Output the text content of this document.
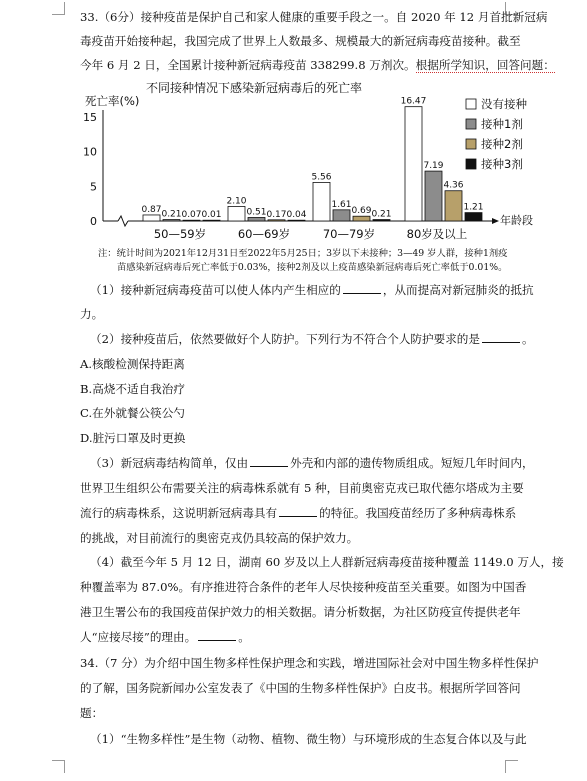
33.（6分）接种疫苗是保护自己和家人健康的重要手段之一。自 2020 年 12 月首批新冠病
毒疫苗开始接种起，我国完成了世界上人数最多、规模最大的新冠病毒疫苗接种。截至
今年 6 月 2 日，全国累计接种新冠病毒疫苗 338299.8 万剂次。根据所学知识，回答问题：
不同接种情况下感染新冠病毒后的死亡率
死亡率(%)
0
5
10
15
年龄段
0.87
2.10
5.56
16.47
0.21	0.51
1.61
7.19
0.07	0.17	0.69
4.36
0.01	0.04	0.21
1.21
50—59岁	60—69岁	70—79岁	80岁及以上
没有接种
接种1剂
接种2剂
接种3剂
注：统计时间为2021年12月31日至2022年5月25日；3岁以下未接种；3—49 岁人群，接种1剂疫
苗感染新冠病毒后死亡率低于0.03%，接种2剂及以上疫苗感染新冠病毒后死亡率低于0.01%。
（1）接种新冠病毒疫苗可以使人体内产生相应的	，从而提高对新冠肺炎的抵抗
力。
（2）接种疫苗后，依然要做好个人防护。下列行为不符合个人防护要求的是	。
A.核酸检测保持距离
B.高烧不适自我治疗
C.在外就餐公筷公勺
D.脏污口罩及时更换
（3）新冠病毒结构简单，仅由	外壳和内部的遗传物质组成。短短几年时间内，
世界卫生组织公布需要关注的病毒株系就有 5 种，目前奥密克戎已取代德尔塔成为主要
流行的病毒株系，这说明新冠病毒具有	的特征。我国疫苗经历了多种病毒株系
的挑战，对目前流行的奥密克戎仍具较高的保护效力。
（4）截至今年 5 月 12 日，湖南 60 岁及以上人群新冠病毒疫苗接种覆盖 1149.0 万人，接
种覆盖率为 87.0%。有序推进符合条件的老年人尽快接种疫苗至关重要。如图为中国香
港卫生署公布的我国疫苗保护效力的相关数据。请分析数据，为社区防疫宣传提供老年
人“应接尽接”的理由。	。
34.（7 分）为介绍中国生物多样性保护理念和实践，增进国际社会对中国生物多样性保护
的了解，国务院新闻办公室发表了《中国的生物多样性保护》白皮书。根据所学回答问
题：
（1）“生物多样性”是生物（动物、植物、微生物）与环境形成的生态复合体以及与此
